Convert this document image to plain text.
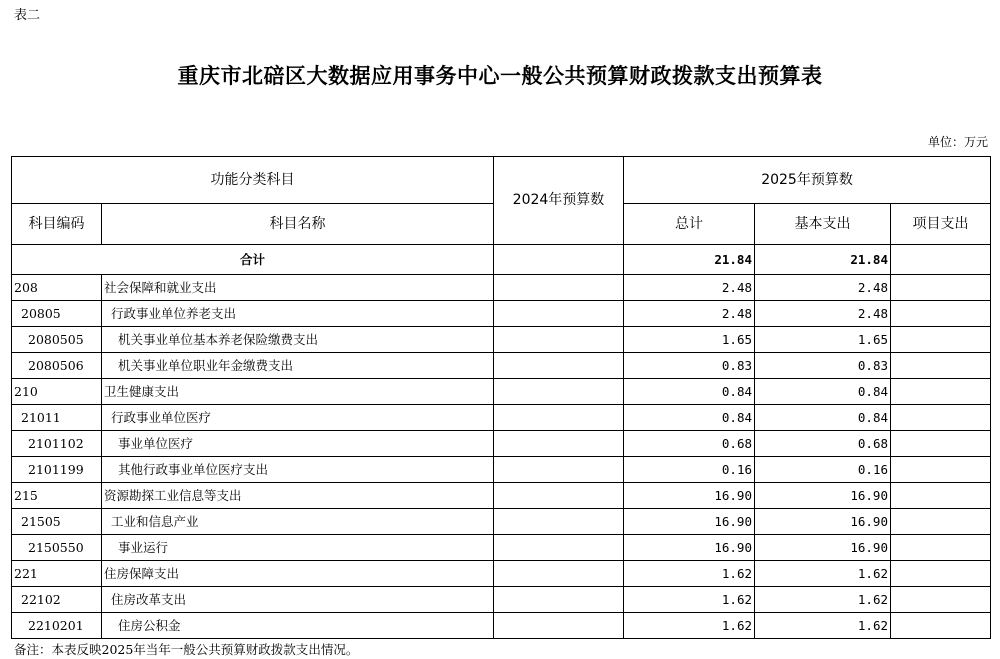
表二
重庆市北碚区大数据应用事务中心一般公共预算财政拨款支出预算表
单位：万元
功能分类科目		2024年预算数	2025年预算数		
科目编码	科目名称		总计	基本支出	项目支出
合计			21.84	21.84	
208	社会保障和就业支出		2.48	2.48	
20805	行政事业单位养老支出		2.48	2.48	
2080505	机关事业单位基本养老保险缴费支出		1.65	1.65	
2080506	机关事业单位职业年金缴费支出		0.83	0.83	
210	卫生健康支出		0.84	0.84	
21011	行政事业单位医疗		0.84	0.84	
2101102	事业单位医疗		0.68	0.68	
2101199	其他行政事业单位医疗支出		0.16	0.16	
215	资源勘探工业信息等支出		16.90	16.90	
21505	工业和信息产业		16.90	16.90	
2150550	事业运行		16.90	16.90	
221	住房保障支出		1.62	1.62	
22102	住房改革支出		1.62	1.62	
2210201	住房公积金		1.62	1.62	
备注：本表反映2025年当年一般公共预算财政拨款支出情况。
